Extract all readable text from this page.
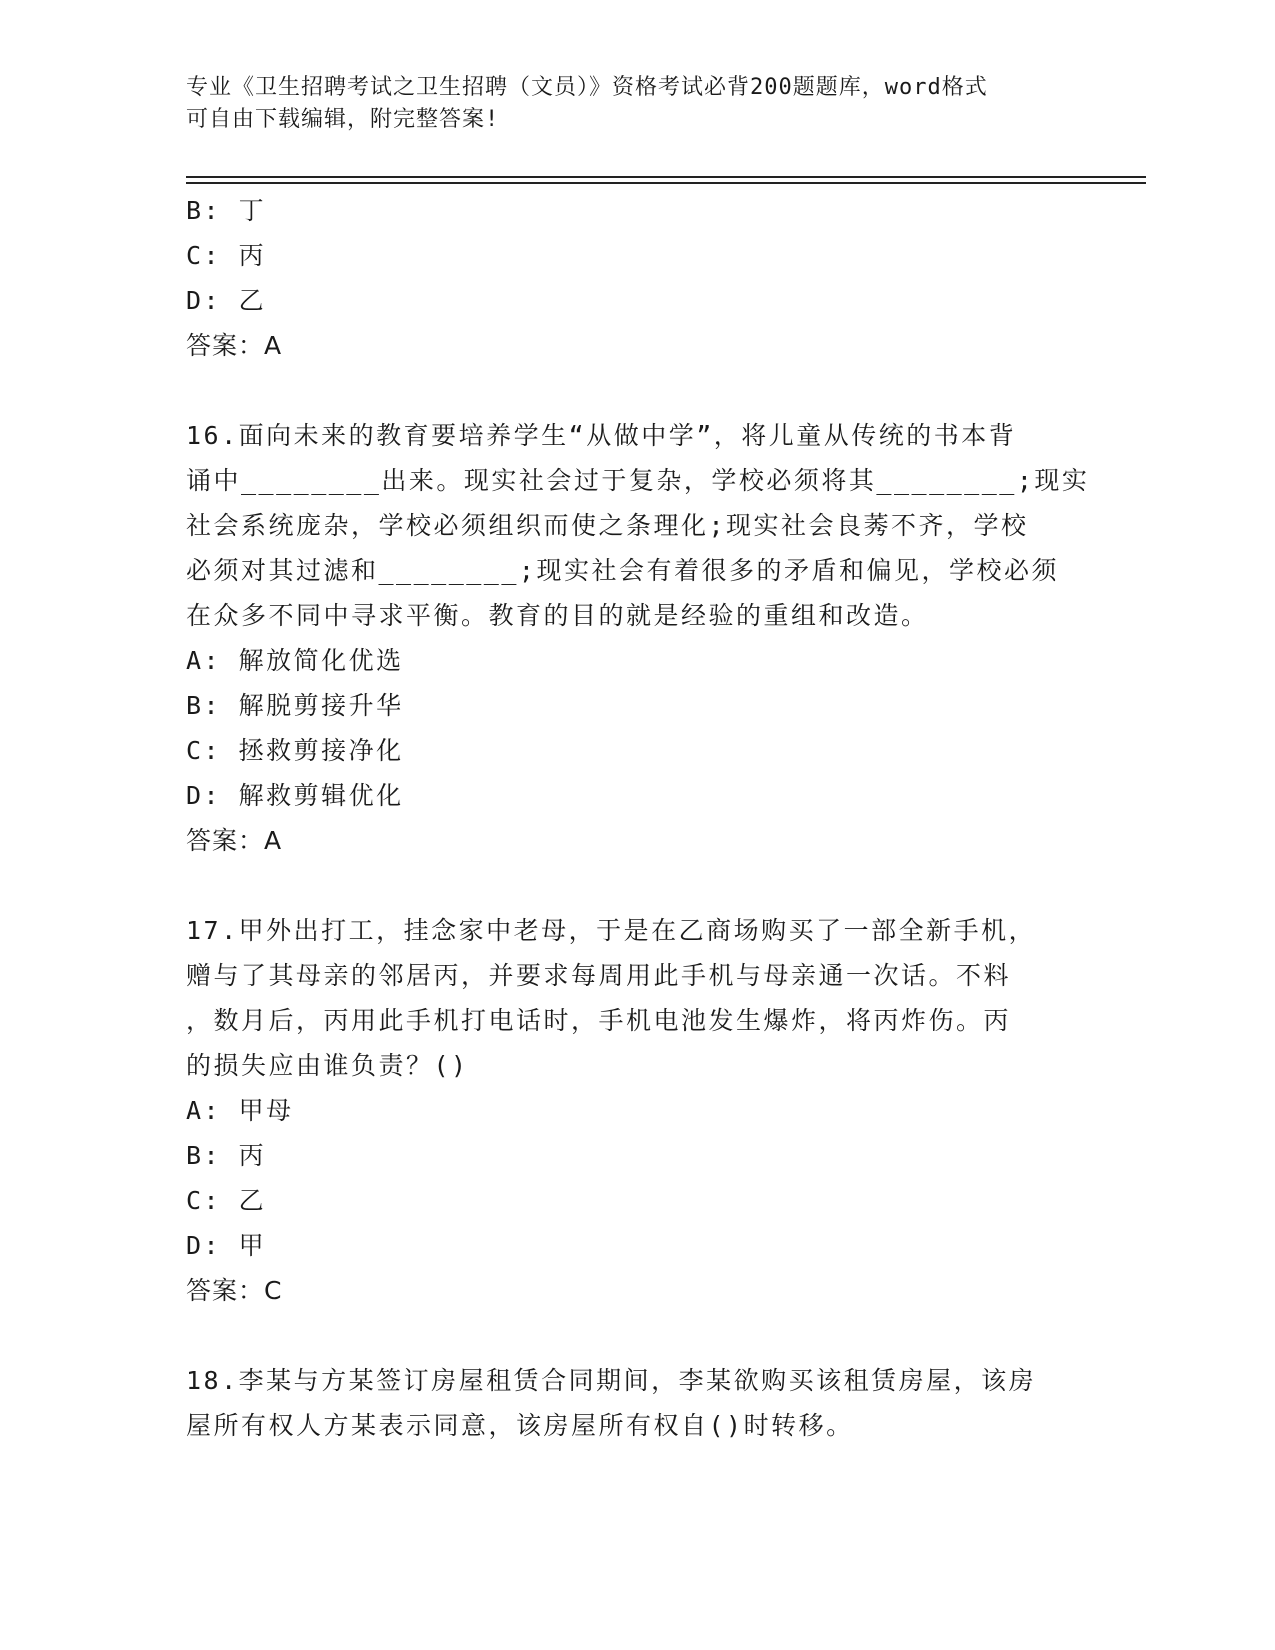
专业《卫生招聘考试之卫生招聘（文员）》资格考试必背200题题库，word格式
可自由下载编辑，附完整答案!
B: 丁
C: 丙
D: 乙
答案：A
16.面向未来的教育要培养学生“从做中学”，将儿童从传统的书本背
诵中________出来。现实社会过于复杂，学校必须将其________;现实
社会系统庞杂，学校必须组织而使之条理化;现实社会良莠不齐，学校
必须对其过滤和________;现实社会有着很多的矛盾和偏见，学校必须
在众多不同中寻求平衡。教育的目的就是经验的重组和改造。
A: 解放简化优选
B: 解脱剪接升华
C: 拯救剪接净化
D: 解救剪辑优化
答案：A
17.甲外出打工，挂念家中老母，于是在乙商场购买了一部全新手机，
赠与了其母亲的邻居丙，并要求每周用此手机与母亲通一次话。不料
，数月后，丙用此手机打电话时，手机电池发生爆炸，将丙炸伤。丙
的损失应由谁负责？()
A: 甲母
B: 丙
C: 乙
D: 甲
答案：C
18.李某与方某签订房屋租赁合同期间，李某欲购买该租赁房屋，该房
屋所有权人方某表示同意，该房屋所有权自()时转移。
